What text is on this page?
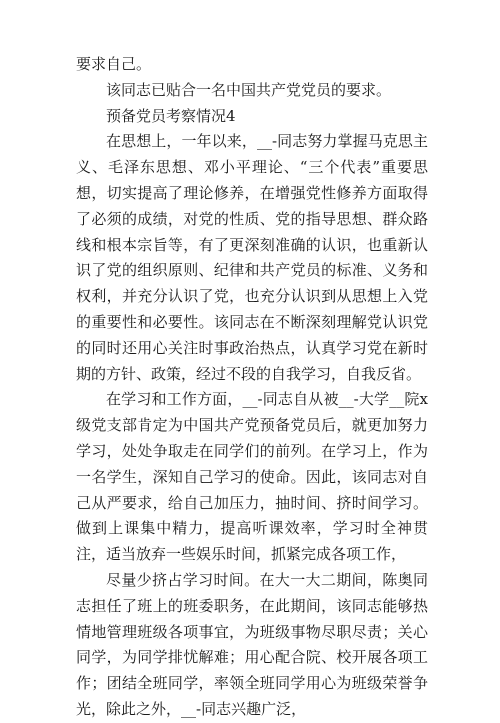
要求自己。

该同志已贴合一名中国共产党党员的要求。

预备党员考察情况4

在思想上，一年以来，__-同志努力掌握马克思主义、毛泽东思想、邓小平理论、“三个代表”重要思想，切实提高了理论修养，在增强党性修养方面取得了必须的成绩，对党的性质、党的指导思想、群众路线和根本宗旨等，有了更深刻准确的认识，也重新认识了党的组织原则、纪律和共产党员的标准、义务和权利，并充分认识了党，也充分认识到从思想上入党的重要性和必要性。该同志在不断深刻理解党认识党的同时还用心关注时事政治热点，认真学习党在新时期的方针、政策，经过不段的自我学习，自我反省。

在学习和工作方面，__-同志自从被__-大学__院x级党支部肯定为中国共产党预备党员后，就更加努力学习，处处争取走在同学们的前列。在学习上，作为一名学生，深知自己学习的使命。因此，该同志对自己从严要求，给自己加压力，抽时间、挤时间学习。做到上课集中精力，提高听课效率，学习时全神贯注，适当放弃一些娱乐时间，抓紧完成各项工作，

尽量少挤占学习时间。在大一大二期间，陈奥同志担任了班上的班委职务，在此期间，该同志能够热情地管理班级各项事宜，为班级事物尽职尽责；关心同学，为同学排忧解难；用心配合院、校开展各项工作；团结全班同学，率领全班同学用心为班级荣誉争光，除此之外，__-同志兴趣广泛，
